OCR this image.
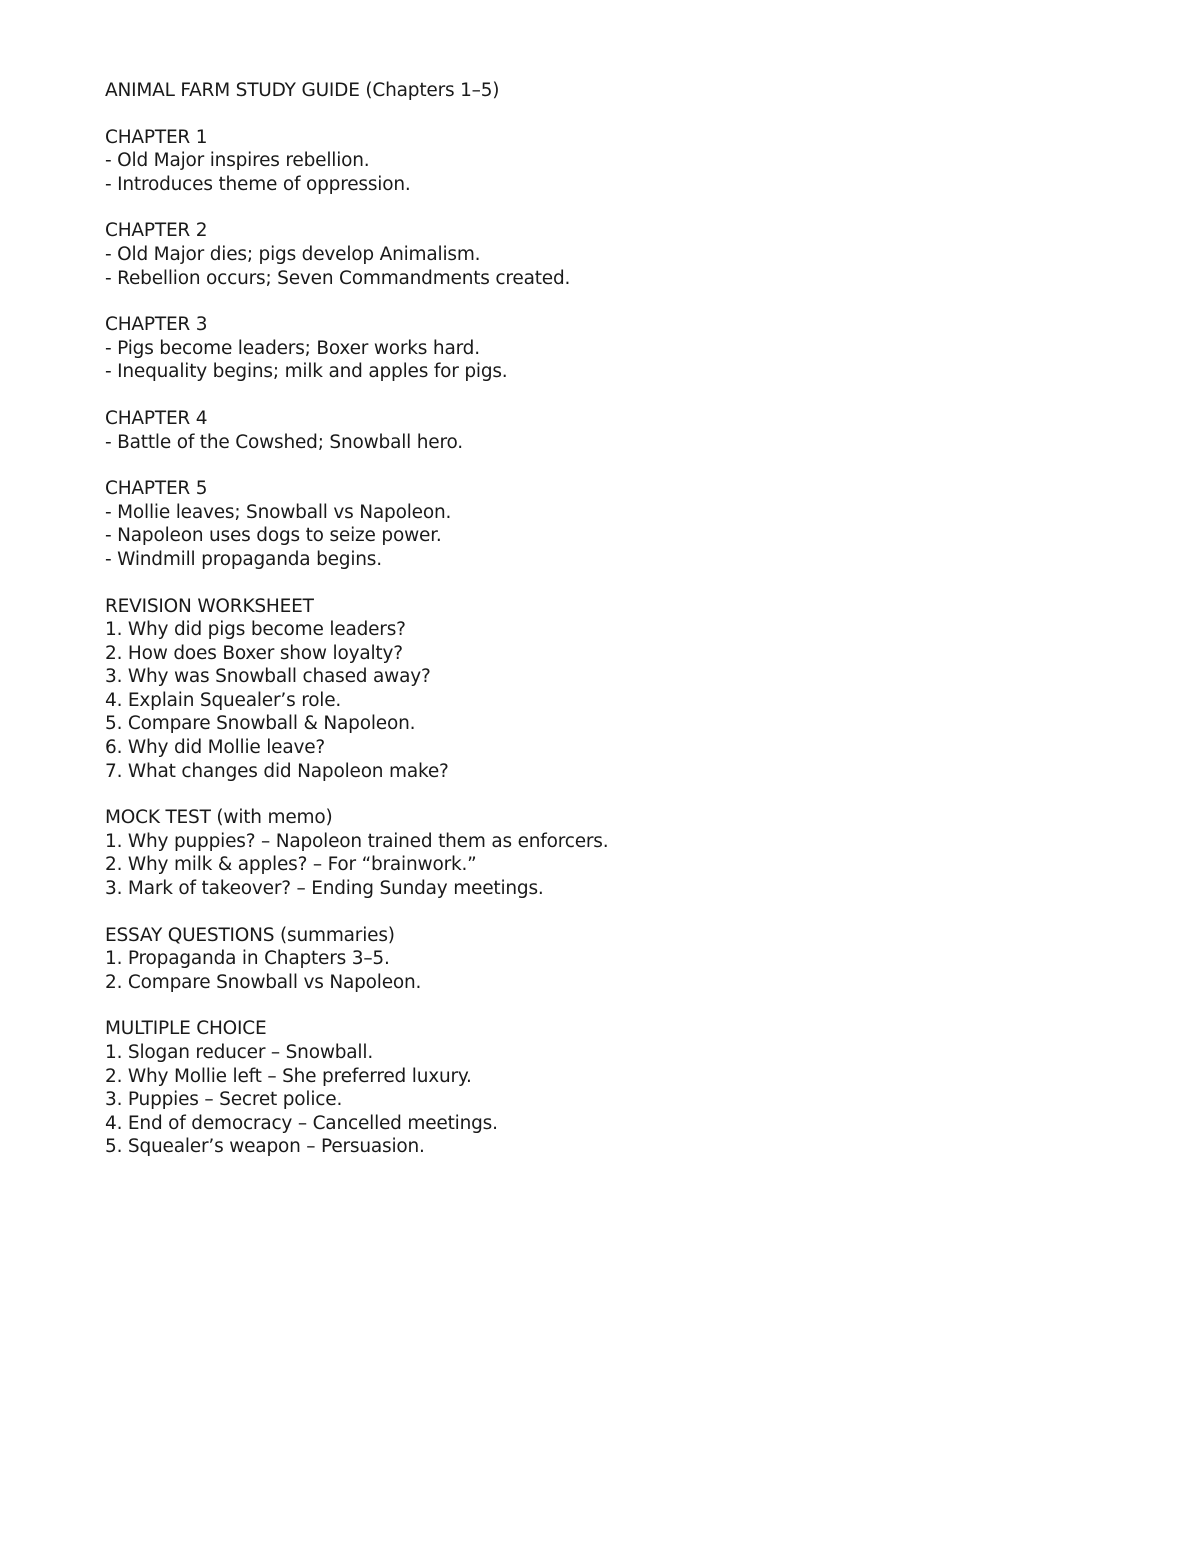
ANIMAL FARM STUDY GUIDE (Chapters 1–5)
CHAPTER 1
- Old Major inspires rebellion.
- Introduces theme of oppression.
CHAPTER 2
- Old Major dies; pigs develop Animalism.
- Rebellion occurs; Seven Commandments created.
CHAPTER 3
- Pigs become leaders; Boxer works hard.
- Inequality begins; milk and apples for pigs.
CHAPTER 4
- Battle of the Cowshed; Snowball hero.
CHAPTER 5
- Mollie leaves; Snowball vs Napoleon.
- Napoleon uses dogs to seize power.
- Windmill propaganda begins.
REVISION WORKSHEET
1. Why did pigs become leaders?
2. How does Boxer show loyalty?
3. Why was Snowball chased away?
4. Explain Squealer’s role.
5. Compare Snowball & Napoleon.
6. Why did Mollie leave?
7. What changes did Napoleon make?
MOCK TEST (with memo)
1. Why puppies? – Napoleon trained them as enforcers.
2. Why milk & apples? – For “brainwork.”
3. Mark of takeover? – Ending Sunday meetings.
ESSAY QUESTIONS (summaries)
1. Propaganda in Chapters 3–5.
2. Compare Snowball vs Napoleon.
MULTIPLE CHOICE
1. Slogan reducer – Snowball.
2. Why Mollie left – She preferred luxury.
3. Puppies – Secret police.
4. End of democracy – Cancelled meetings.
5. Squealer’s weapon – Persuasion.
